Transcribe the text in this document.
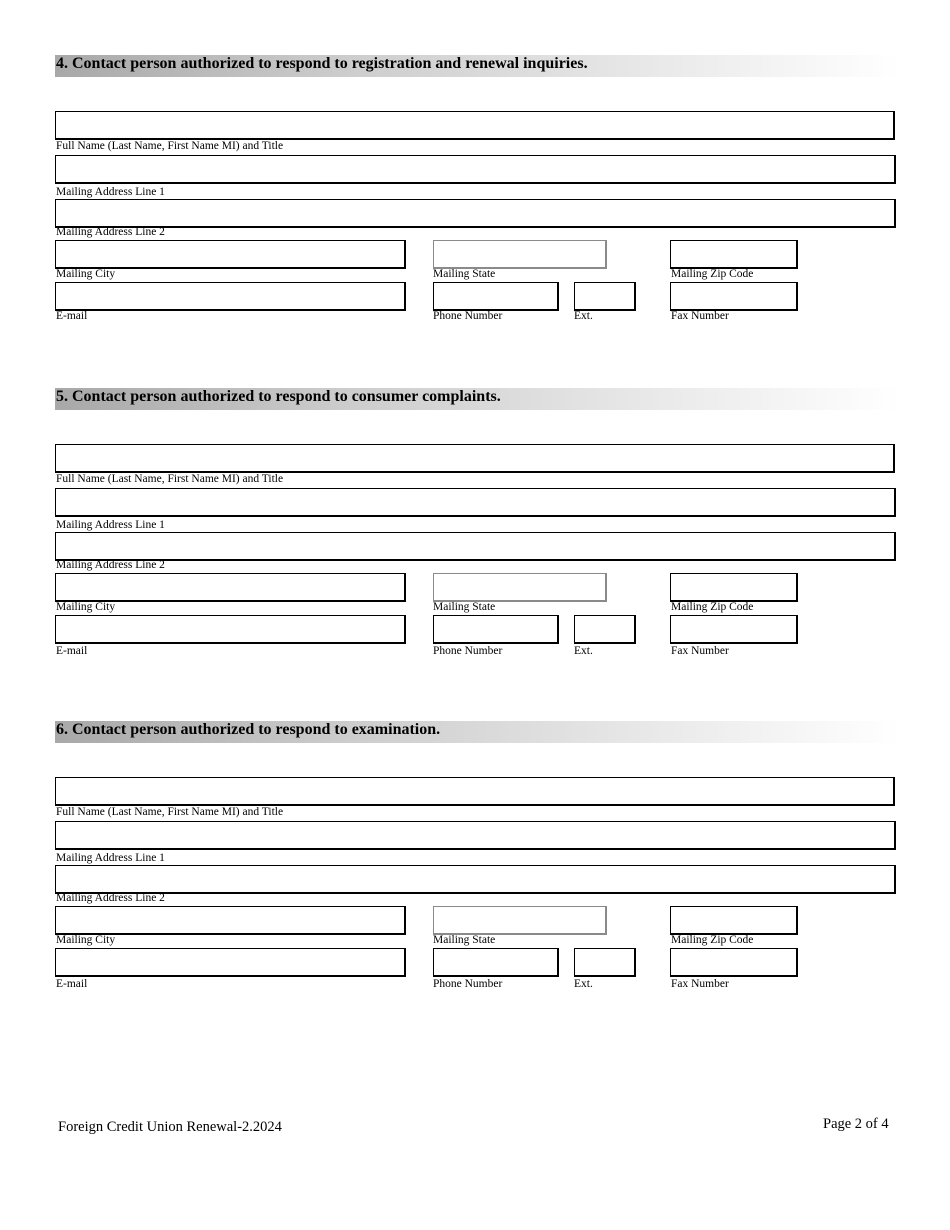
4. Contact person authorized to respond to registration and renewal inquiries.
Full Name (Last Name, First Name MI) and Title
Mailing Address Line 1
Mailing Address Line 2
Mailing City	Mailing State	Mailing Zip Code
E-mail	Phone Number	Ext.	Fax Number
5. Contact person authorized to respond to consumer complaints.
Full Name (Last Name, First Name MI) and Title
Mailing Address Line 1
Mailing Address Line 2
Mailing City	Mailing State	Mailing Zip Code
E-mail	Phone Number	Ext.	Fax Number
6. Contact person authorized to respond to examination.
Full Name (Last Name, First Name MI) and Title
Mailing Address Line 1
Mailing Address Line 2
Mailing City	Mailing State	Mailing Zip Code
E-mail	Phone Number	Ext.	Fax Number
Foreign Credit Union Renewal-2.2024	Page 2 of 4
